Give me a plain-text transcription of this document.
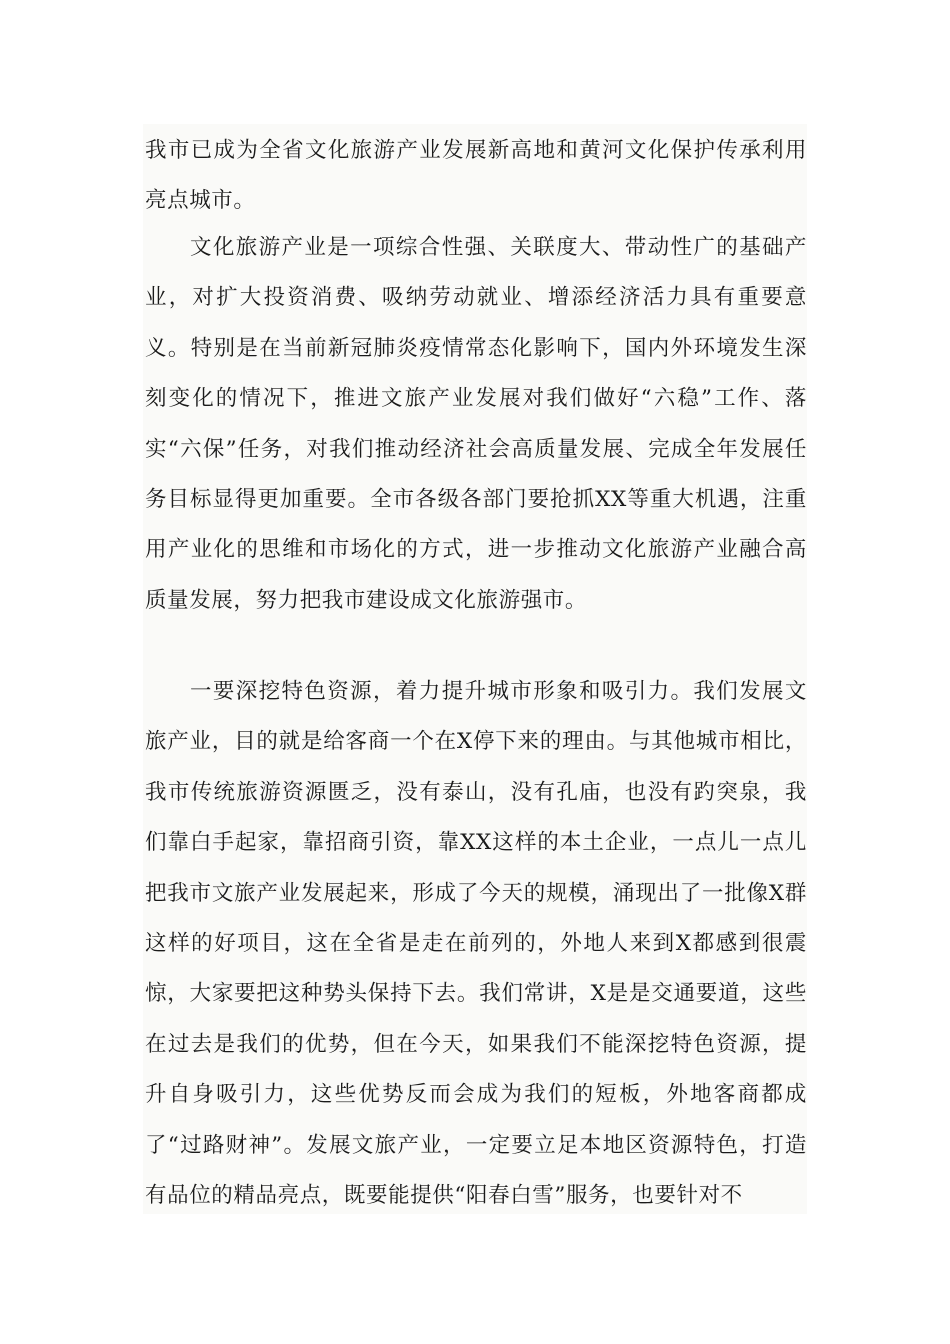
我市已成为全省文化旅游产业发展新高地和黄河文化保护传承利用亮点城市。

文化旅游产业是一项综合性强、关联度大、带动性广的基础产业，对扩大投资消费、吸纳劳动就业、增添经济活力具有重要意义。特别是在当前新冠肺炎疫情常态化影响下，国内外环境发生深刻变化的情况下，推进文旅产业发展对我们做好“六稳”工作、落实“六保”任务，对我们推动经济社会高质量发展、完成全年发展任务目标显得更加重要。全市各级各部门要抢抓XX等重大机遇，注重用产业化的思维和市场化的方式，进一步推动文化旅游产业融合高质量发展，努力把我市建设成文化旅游强市。

一要深挖特色资源，着力提升城市形象和吸引力。我们发展文旅产业，目的就是给客商一个在X停下来的理由。与其他城市相比，我市传统旅游资源匮乏，没有泰山，没有孔庙，也没有趵突泉，我们靠白手起家，靠招商引资，靠XX这样的本土企业，一点儿一点儿把我市文旅产业发展起来，形成了今天的规模，涌现出了一批像X群这样的好项目，这在全省是走在前列的，外地人来到X都感到很震惊，大家要把这种势头保持下去。我们常讲，X是是交通要道，这些在过去是我们的优势，但在今天，如果我们不能深挖特色资源，提升自身吸引力，这些优势反而会成为我们的短板，外地客商都成了“过路财神”。发展文旅产业，一定要立足本地区资源特色，打造有品位的精品亮点，既要能提供“阳春白雪”服务，也要针对不
